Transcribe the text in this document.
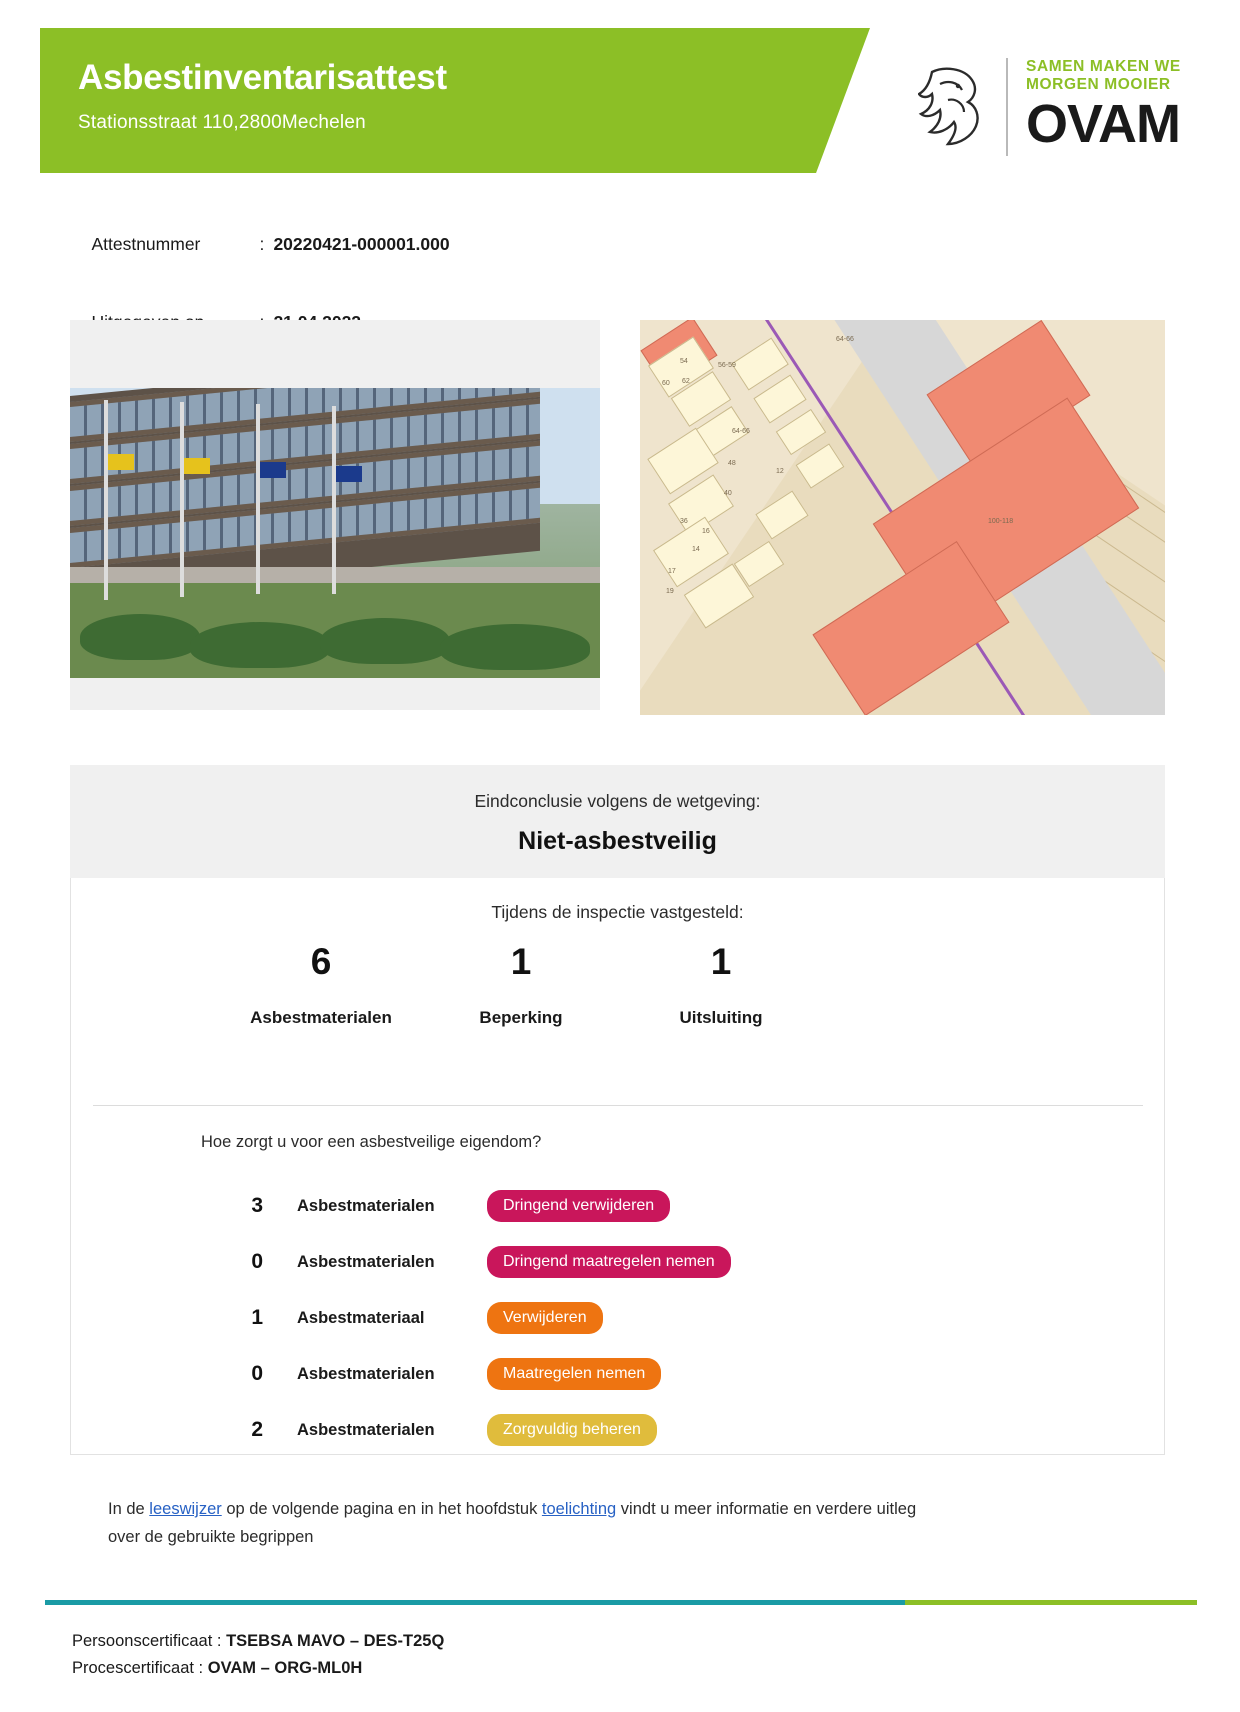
Asbestinventarisattest
Stationsstraat 110,2800Mechelen
SAMEN MAKEN WE
MORGEN MOOIER
OVAM

Attestnummer	: 20220421-000001.000

64-66
54
56-59
60 62
64-66
48
40
36
12
16
14
17
19
100-118
Eindconclusie volgens de wetgeving:
Niet-asbestveilig
Tijdens de inspectie vastgesteld:
6
Asbestmaterialen
1
Beperking
1
Uitsluiting
Hoe zorgt u voor een asbestveilige eigendom?
3 Asbestmaterialen	Dringend verwijderen
0 Asbestmaterialen	Dringend maatregelen nemen
1 Asbestmateriaal	Verwijderen
0 Asbestmaterialen	Maatregelen nemen
2 Asbestmaterialen	Zorgvuldig beheren
In de leeswijzer op de volgende pagina en in het hoofdstuk toelichting vindt u meer informatie en verdere uitleg
over de gebruikte begrippen
Persoonscertificaat : TSEBSA MAVO – DES-T25Q
Procescertificaat : OVAM – ORG-ML0H
